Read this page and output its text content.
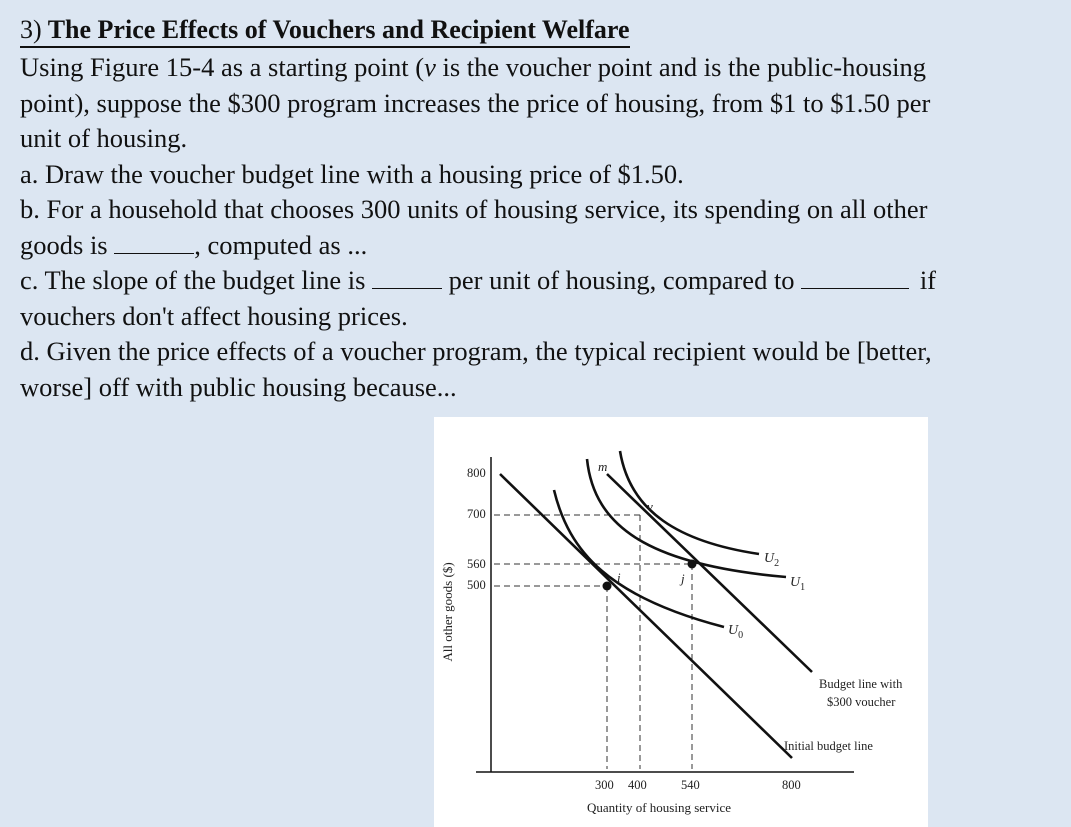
3) The Price Effects of Vouchers and Recipient Welfare
Using Figure 15-4 as a starting point (v is the voucher point and is the public-housing
point), suppose the $300 program increases the price of housing, from $1 to $1.50 per
unit of housing.
a. Draw the voucher budget line with a housing price of $1.50.
b. For a household that chooses 300 units of housing service, its spending on all other
goods is	, computed as ...
c. The slope of the budget line is	per unit of housing, compared to	if
vouchers don't affect housing prices.
d. Given the price effects of a voucher program, the typical recipient would be [better,
worse] off with public housing because...
800
700
560
500
300 400	540	800
Quantity of housing service
All other goods ($)
m
v
i	j
$U_2$
$U_1$
$U_0$
Budget line with
$300 voucher
Initial budget line
